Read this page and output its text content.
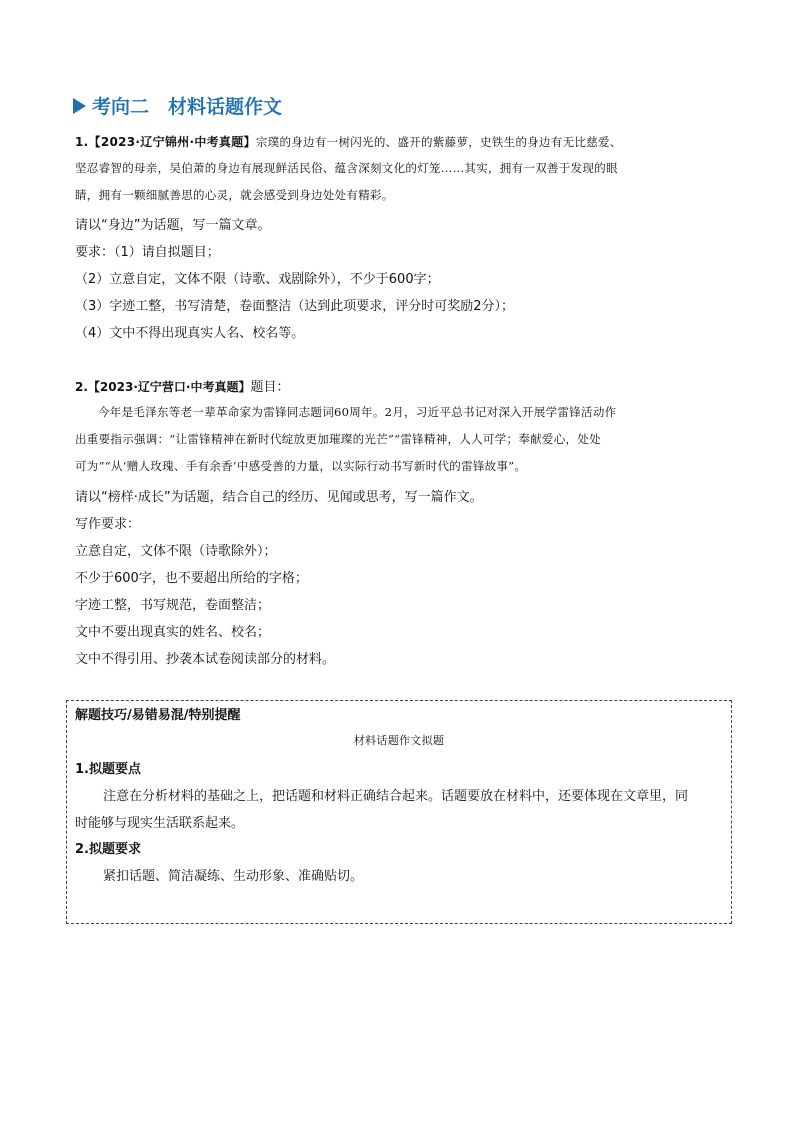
考向二　材料话题作文
1.【2023·辽宁锦州·中考真题】宗璞的身边有一树闪光的、盛开的紫藤萝，史铁生的身边有无比慈爱、
坚忍睿智的母亲，吴伯萧的身边有展现鲜活民俗、蕴含深刻文化的灯笼……其实，拥有一双善于发现的眼
睛，拥有一颗细腻善思的心灵，就会感受到身边处处有精彩。
请以“身边”为话题，写一篇文章。
要求：（1）请自拟题目；
（2）立意自定，文体不限（诗歌、戏剧除外），不少于600字；
（3）字迹工整，书写清楚，卷面整洁（达到此项要求，评分时可奖励2分）；
（4）文中不得出现真实人名、校名等。
2.【2023·辽宁营口·中考真题】题目：
今年是毛泽东等老一辈革命家为雷锋同志题词60周年。2月，习近平总书记对深入开展学雷锋活动作
出重要指示强调：“让雷锋精神在新时代绽放更加璀璨的光芒”“雷锋精神，人人可学；奉献爱心，处处
可为”“从‘赠人玫瑰、手有余香’中感受善的力量，以实际行动书写新时代的雷锋故事”。
请以“榜样·成长”为话题，结合自己的经历、见闻或思考，写一篇作文。
写作要求：
立意自定，文体不限（诗歌除外）；
不少于600字，也不要超出所给的字格；
字迹工整，书写规范，卷面整洁；
文中不要出现真实的姓名、校名；
文中不得引用、抄袭本试卷阅读部分的材料。
解题技巧/易错易混/特别提醒
材料话题作文拟题
1.拟题要点
注意在分析材料的基础之上，把话题和材料正确结合起来。话题要放在材料中，还要体现在文章里，同
时能够与现实生活联系起来。
2.拟题要求
紧扣话题、简洁凝练、生动形象、准确贴切。
